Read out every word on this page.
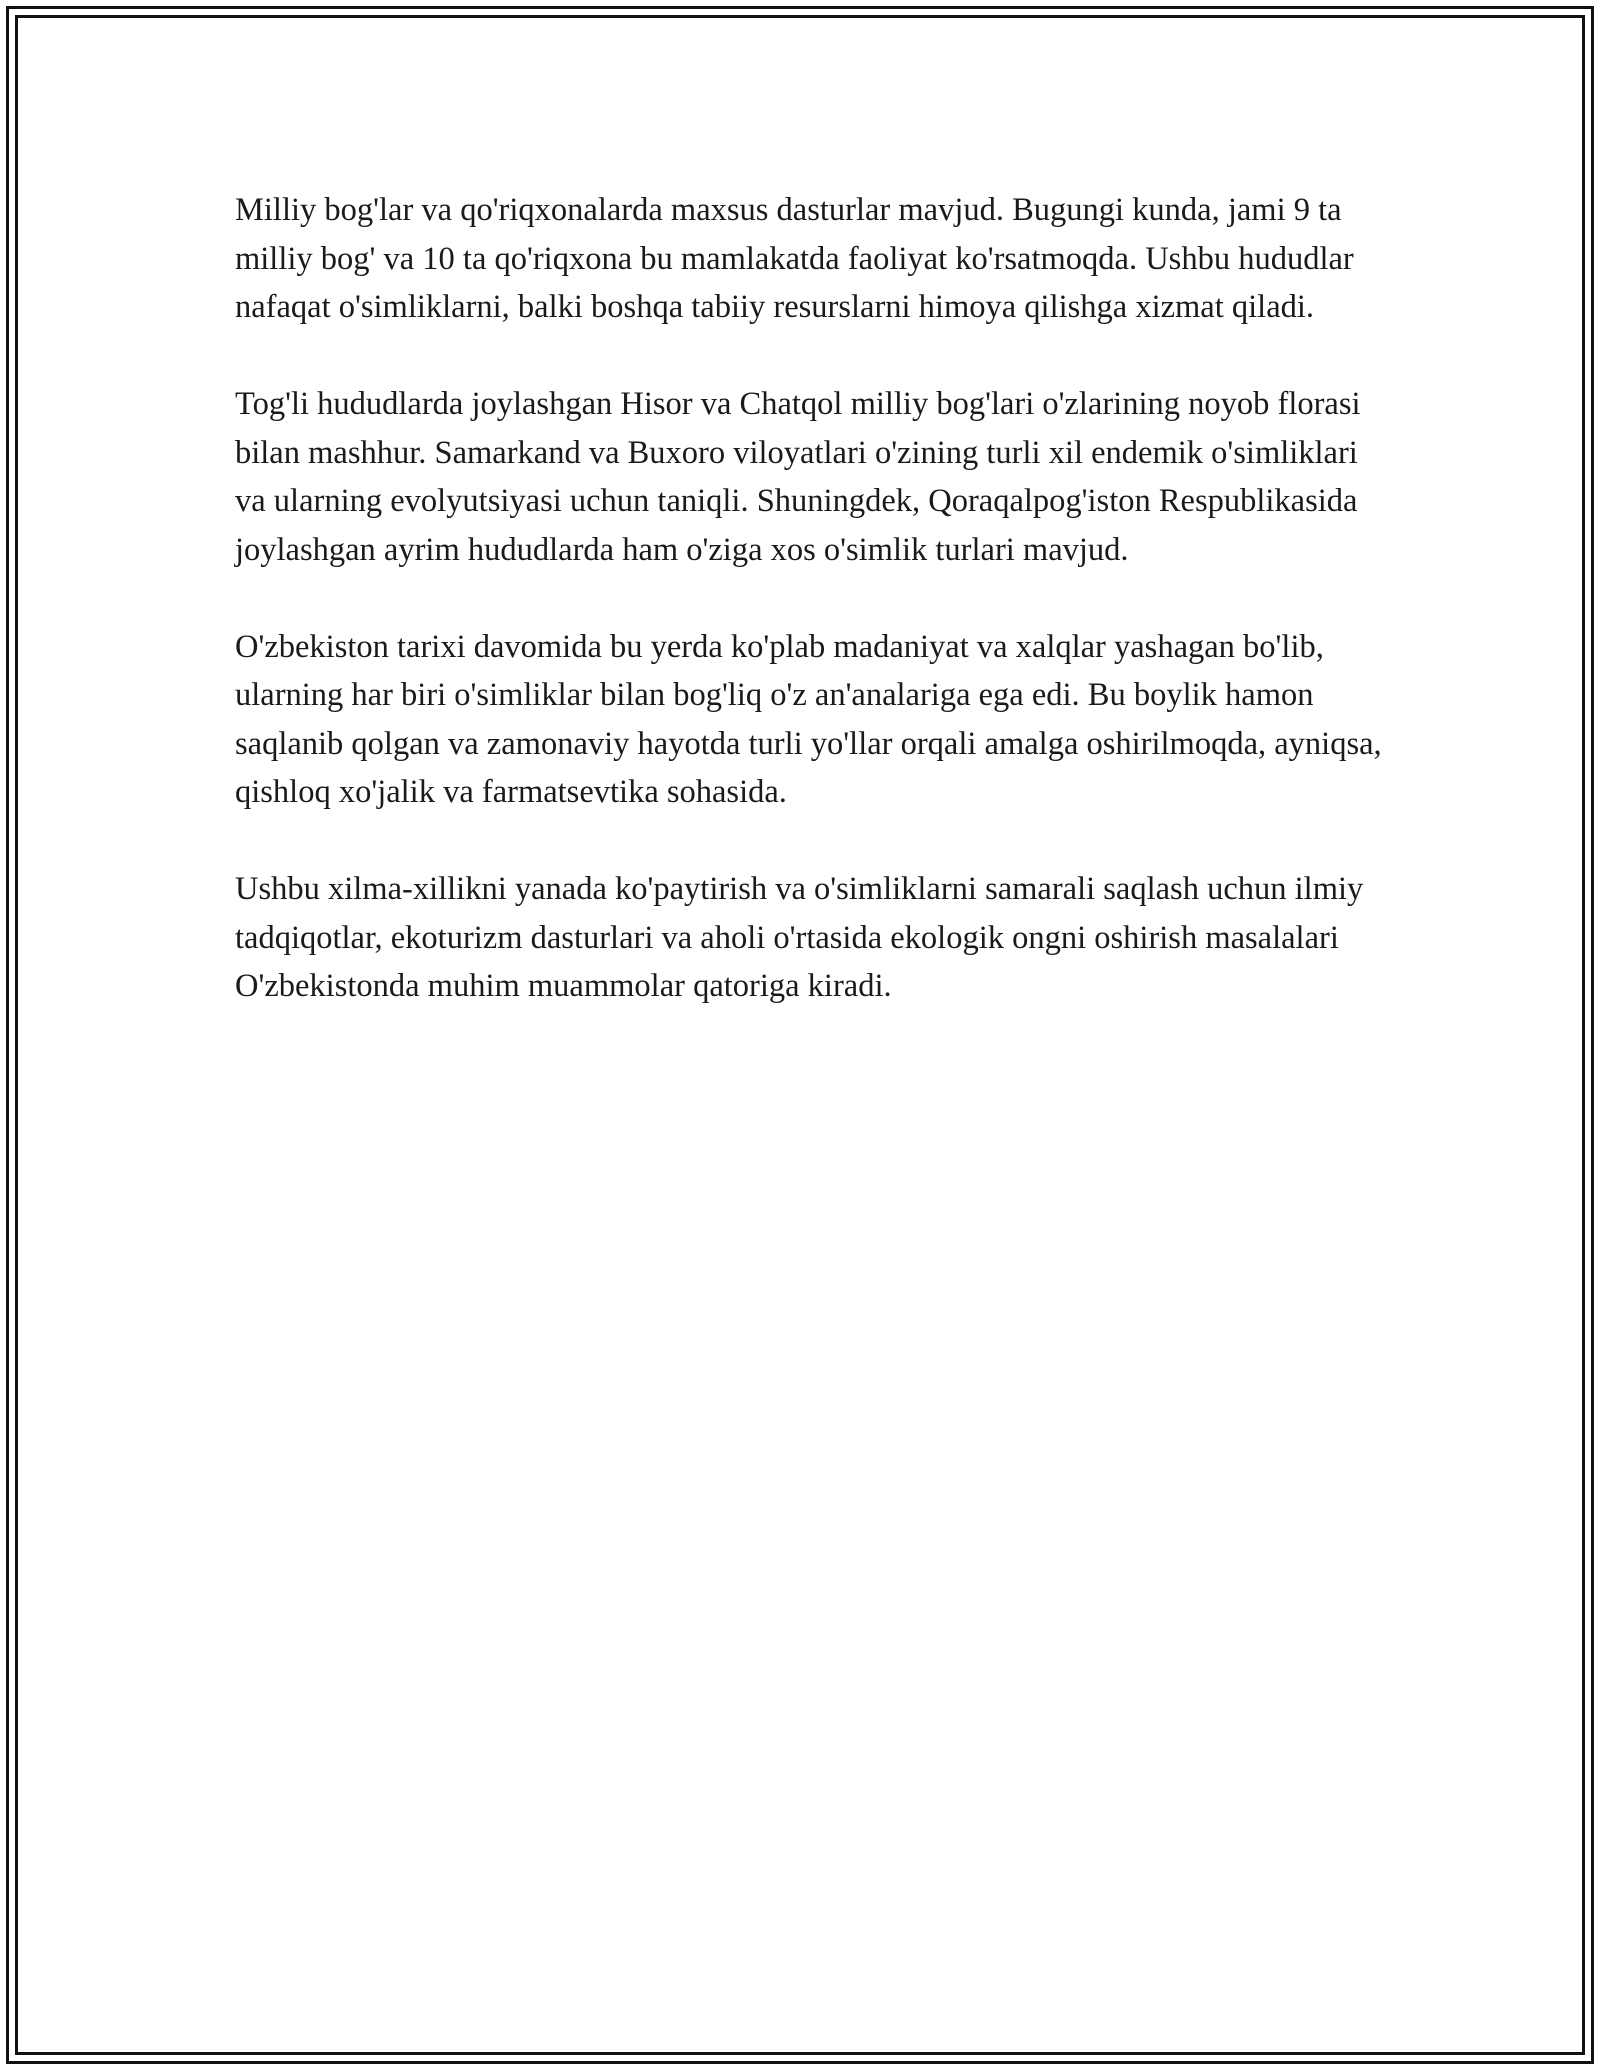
Milliy bog'lar va qo'riqxonalarda maxsus dasturlar mavjud. Bugungi kunda, jami 9 ta milliy bog' va 10 ta qo'riqxona bu mamlakatda faoliyat ko'rsatmoqda. Ushbu hududlar nafaqat o'simliklarni, balki boshqa tabiiy resurslarni himoya qilishga xizmat qiladi.

Tog'li hududlarda joylashgan Hisor va Chatqol milliy bog'lari o'zlarining noyob florasi bilan mashhur. Samarkand va Buxoro viloyatlari o'zining turli xil endemik o'simliklari va ularning evolyutsiyasi uchun taniqli. Shuningdek, Qoraqalpog'iston Respublikasida joylashgan ayrim hududlarda ham o'ziga xos o'simlik turlari mavjud.

O'zbekiston tarixi davomida bu yerda ko'plab madaniyat va xalqlar yashagan bo'lib, ularning har biri o'simliklar bilan bog'liq o'z an'analariga ega edi. Bu boylik hamon saqlanib qolgan va zamonaviy hayotda turli yo'llar orqali amalga oshirilmoqda, ayniqsa, qishloq xo'jalik va farmatsevtika sohasida.

Ushbu xilma-xillikni yanada ko'paytirish va o'simliklarni samarali saqlash uchun ilmiy tadqiqotlar, ekoturizm dasturlari va aholi o'rtasida ekologik ongni oshirish masalalari O'zbekistonda muhim muammolar qatoriga kiradi.
